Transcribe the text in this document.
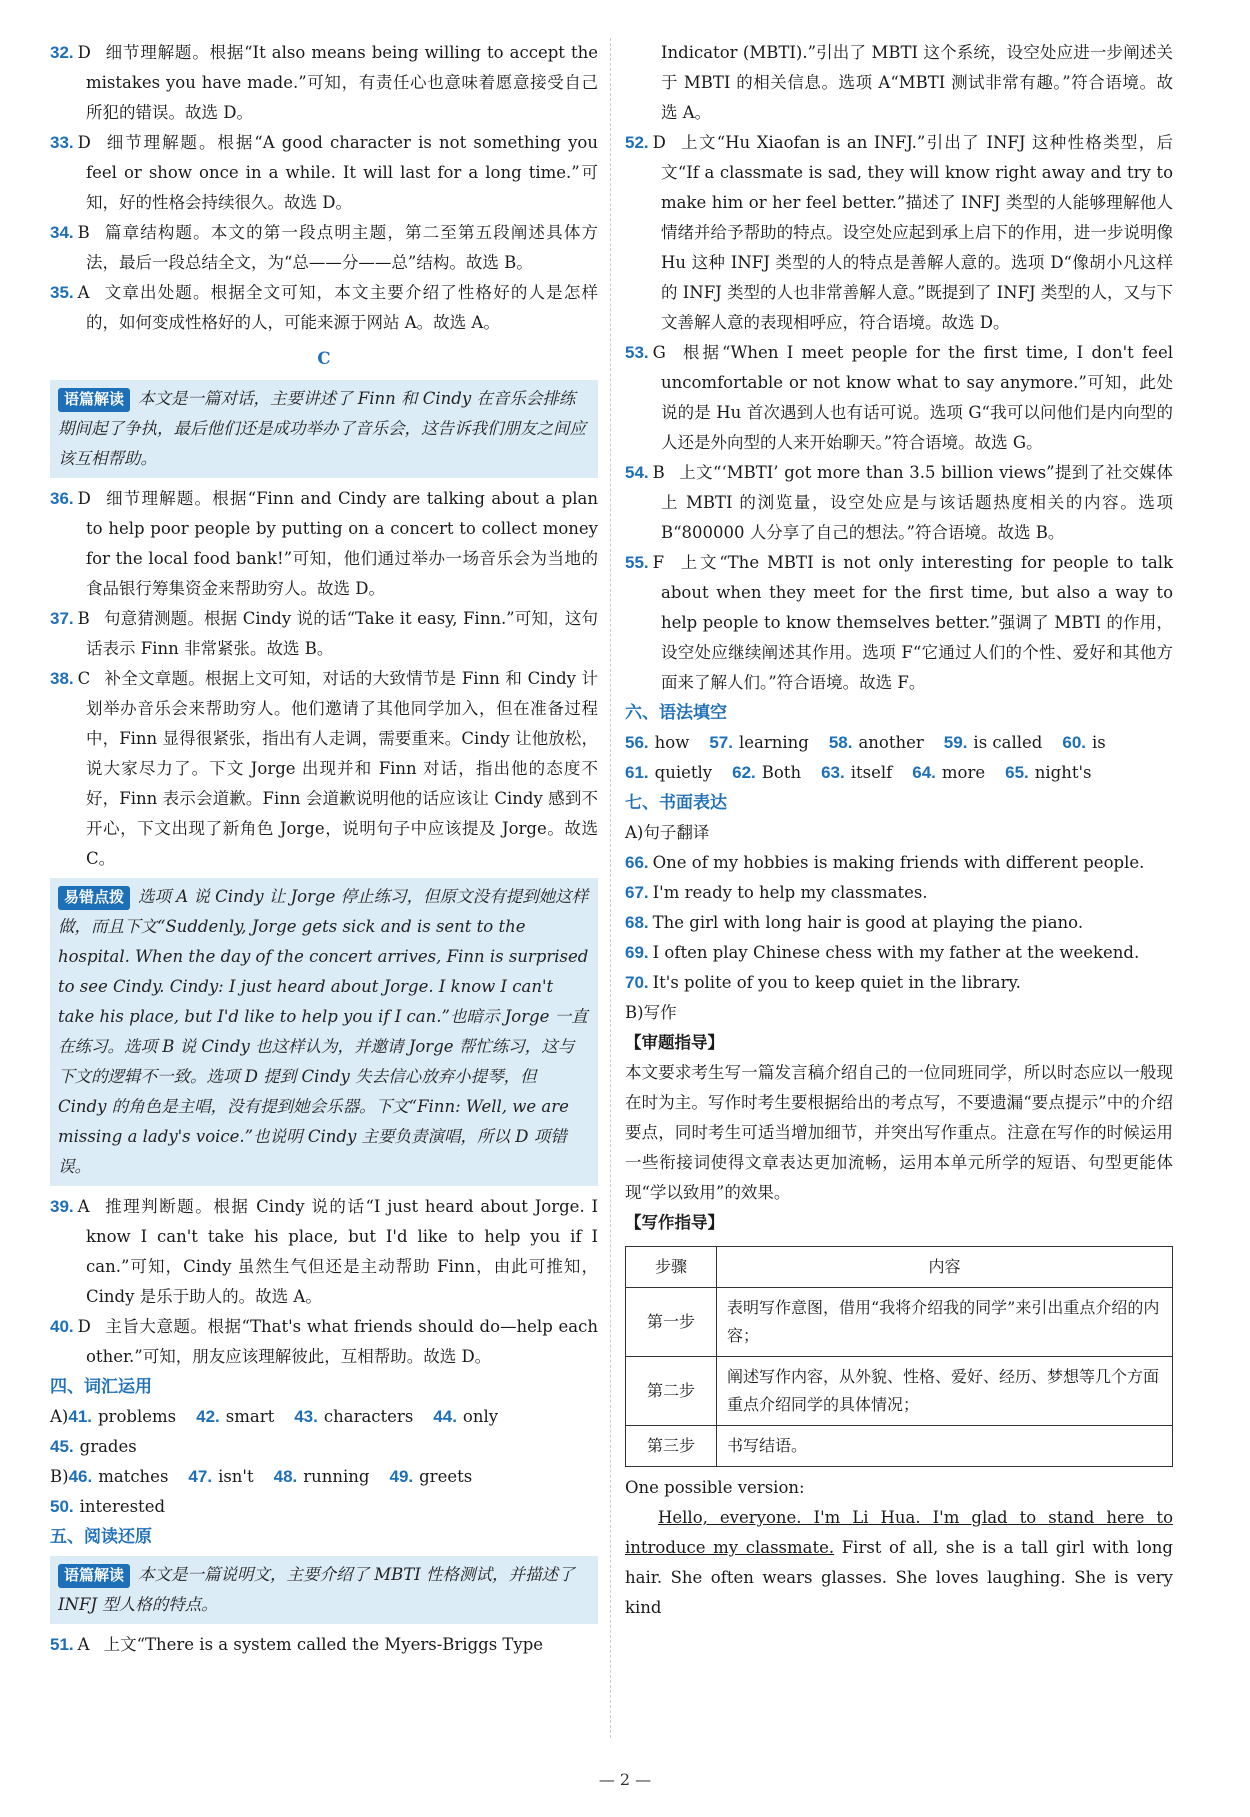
32. D 细节理解题。根据“It also means being willing to accept the mistakes you have made.”可知，有责任心也意味着愿意接受自己所犯的错误。故选 D。

33. D 细节理解题。根据“A good character is not something you feel or show once in a while. It will last for a long time.”可知，好的性格会持续很久。故选 D。

34. B 篇章结构题。本文的第一段点明主题，第二至第五段阐述具体方法，最后一段总结全文，为“总——分——总”结构。故选 B。

35. A 文章出处题。根据全文可知，本文主要介绍了性格好的人是怎样的，如何变成性格好的人，可能来源于网站 A。故选 A。

C
语篇解读 本文是一篇对话，主要讲述了 Finn 和 Cindy 在音乐会排练期间起了争执，最后他们还是成功举办了音乐会，这告诉我们朋友之间应该互相帮助。

36. D 细节理解题。根据“Finn and Cindy are talking about a plan to help poor people by putting on a concert to collect money for the local food bank!”可知，他们通过举办一场音乐会为当地的食品银行筹集资金来帮助穷人。故选 D。

37. B 句意猜测题。根据 Cindy 说的话“Take it easy, Finn.”可知，这句话表示 Finn 非常紧张。故选 B。

38. C 补全文章题。根据上文可知，对话的大致情节是 Finn 和 Cindy 计划举办音乐会来帮助穷人。他们邀请了其他同学加入，但在准备过程中，Finn 显得很紧张，指出有人走调，需要重来。Cindy 让他放松，说大家尽力了。下文 Jorge 出现并和 Finn 对话，指出他的态度不好，Finn 表示会道歉。Finn 会道歉说明他的话应该让 Cindy 感到不开心，下文出现了新角色 Jorge，说明句子中应该提及 Jorge。故选 C。

易错点拨 选项 A 说 Cindy 让 Jorge 停止练习，但原文没有提到她这样做，而且下文“Suddenly, Jorge gets sick and is sent to the hospital. When the day of the concert arrives, Finn is surprised to see Cindy. Cindy: I just heard about Jorge. I know I can't take his place, but I'd like to help you if I can.”也暗示 Jorge 一直在练习。选项 B 说 Cindy 也这样认为，并邀请 Jorge 帮忙练习，这与下文的逻辑不一致。选项 D 提到 Cindy 失去信心放弃小提琴，但 Cindy 的角色是主唱，没有提到她会乐器。下文“Finn: Well, we are missing a lady's voice.”也说明 Cindy 主要负责演唱，所以 D 项错误。

39. A 推理判断题。根据 Cindy 说的话“I just heard about Jorge. I know I can't take his place, but I'd like to help you if I can.”可知，Cindy 虽然生气但还是主动帮助 Finn，由此可推知，Cindy 是乐于助人的。故选 A。

40. D 主旨大意题。根据“That's what friends should do—help each other.”可知，朋友应该理解彼此，互相帮助。故选 D。

四、词汇运用

A)41. problems 42. smart 43. characters 44. only
45. grades
B)46. matches 47. isn't 48. running 49. greets
50. interested

五、阅读还原

语篇解读 本文是一篇说明文，主要介绍了 MBTI 性格测试，并描述了 INFJ 型人格的特点。

51. A 上文“There is a system called the Myers-Briggs Type

Indicator (MBTI).”引出了 MBTI 这个系统，设空处应进一步阐述关于 MBTI 的相关信息。选项 A“MBTI 测试非常有趣。”符合语境。故选 A。

52. D 上文“Hu Xiaofan is an INFJ.”引出了 INFJ 这种性格类型，后文“If a classmate is sad, they will know right away and try to make him or her feel better.”描述了 INFJ 类型的人能够理解他人情绪并给予帮助的特点。设空处应起到承上启下的作用，进一步说明像 Hu 这种 INFJ 类型的人的特点是善解人意的。选项 D“像胡小凡这样的 INFJ 类型的人也非常善解人意。”既提到了 INFJ 类型的人，又与下文善解人意的表现相呼应，符合语境。故选 D。

53. G 根据“When I meet people for the first time, I don't feel uncomfortable or not know what to say anymore.”可知，此处说的是 Hu 首次遇到人也有话可说。选项 G“我可以问他们是内向型的人还是外向型的人来开始聊天。”符合语境。故选 G。

54. B 上文“‘MBTI’ got more than 3.5 billion views”提到了社交媒体上 MBTI 的浏览量，设空处应是与该话题热度相关的内容。选项 B“800000 人分享了自己的想法。”符合语境。故选 B。

55. F 上文“The MBTI is not only interesting for people to talk about when they meet for the first time, but also a way to help people to know themselves better.”强调了 MBTI 的作用，设空处应继续阐述其作用。选项 F“它通过人们的个性、爱好和其他方面来了解人们。”符合语境。故选 F。

六、语法填空

56. how 57. learning 58. another 59. is called 60. is
61. quietly 62. Both 63. itself 64. more 65. night's

七、书面表达

A)句子翻译

66. One of my hobbies is making friends with different people.

67. I'm ready to help my classmates.

68. The girl with long hair is good at playing the piano.

69. I often play Chinese chess with my father at the weekend.

70. It's polite of you to keep quiet in the library.

B)写作

【审题指导】

本文要求考生写一篇发言稿介绍自己的一位同班同学，所以时态应以一般现在时为主。写作时考生要根据给出的考点写，不要遗漏“要点提示”中的介绍要点，同时考生可适当增加细节，并突出写作重点。注意在写作的时候运用一些衔接词使得文章表达更加流畅，运用本单元所学的短语、句型更能体现“学以致用”的效果。

【写作指导】

步骤	内容
第一步	表明写作意图，借用“我将介绍我的同学”来引出重点介绍的内容；
第二步	阐述写作内容，从外貌、性格、爱好、经历、梦想等几个方面重点介绍同学的具体情况；
第三步	书写结语。

One possible version:

Hello, everyone. I'm Li Hua. I'm glad to stand here to introduce my classmate. First of all, she is a tall girl with long hair. She often wears glasses. She loves laughing. She is very kind

— 2 —
